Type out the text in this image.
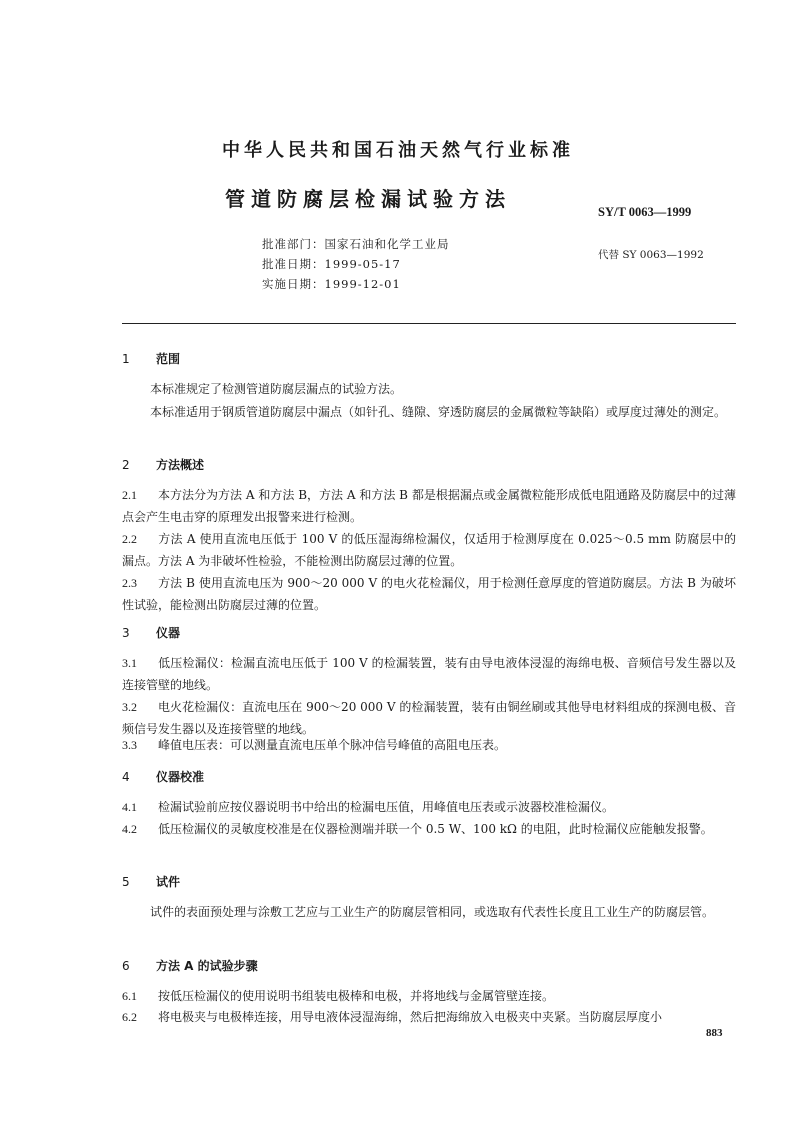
中华人民共和国石油天然气行业标准
管道防腐层检漏试验方法
SY/T 0063—1999
批准部门：国家石油和化学工业局
代替 SY 0063—1992
批准日期：1999-05-17
实施日期：1999-12-01
1 范围
本标准规定了检测管道防腐层漏点的试验方法。
本标准适用于钢质管道防腐层中漏点（如针孔、缝隙、穿透防腐层的金属微粒等缺陷）或厚度过薄处的测定。
2 方法概述
2.1 本方法分为方法 A 和方法 B，方法 A 和方法 B 都是根据漏点或金属微粒能形成低电阻通路及防腐层中的过薄点会产生电击穿的原理发出报警来进行检测。
2.2 方法 A 使用直流电压低于 100 V 的低压湿海绵检漏仪，仅适用于检测厚度在 0.025～0.5 mm 防腐层中的漏点。方法 A 为非破坏性检验，不能检测出防腐层过薄的位置。
2.3 方法 B 使用直流电压为 900～20 000 V 的电火花检漏仪，用于检测任意厚度的管道防腐层。方法 B 为破坏性试验，能检测出防腐层过薄的位置。
3 仪器
3.1 低压检漏仪：检漏直流电压低于 100 V 的检漏装置，装有由导电液体浸湿的海绵电极、音频信号发生器以及连接管壁的地线。
3.2 电火花检漏仪：直流电压在 900～20 000 V 的检漏装置，装有由铜丝刷或其他导电材料组成的探测电极、音频信号发生器以及连接管壁的地线。
3.3 峰值电压表：可以测量直流电压单个脉冲信号峰值的高阻电压表。
4 仪器校准
4.1 检漏试验前应按仪器说明书中给出的检漏电压值，用峰值电压表或示波器校准检漏仪。
4.2 低压检漏仪的灵敏度校准是在仪器检测端并联一个 0.5 W、100 kΩ 的电阻，此时检漏仪应能触发报警。
5 试件
试件的表面预处理与涂敷工艺应与工业生产的防腐层管相同，或选取有代表性长度且工业生产的防腐层管。
6 方法 A 的试验步骤
6.1 按低压检漏仪的使用说明书组装电极棒和电极，并将地线与金属管壁连接。
6.2 将电极夹与电极棒连接，用导电液体浸湿海绵，然后把海绵放入电极夹中夹紧。当防腐层厚度小
883
